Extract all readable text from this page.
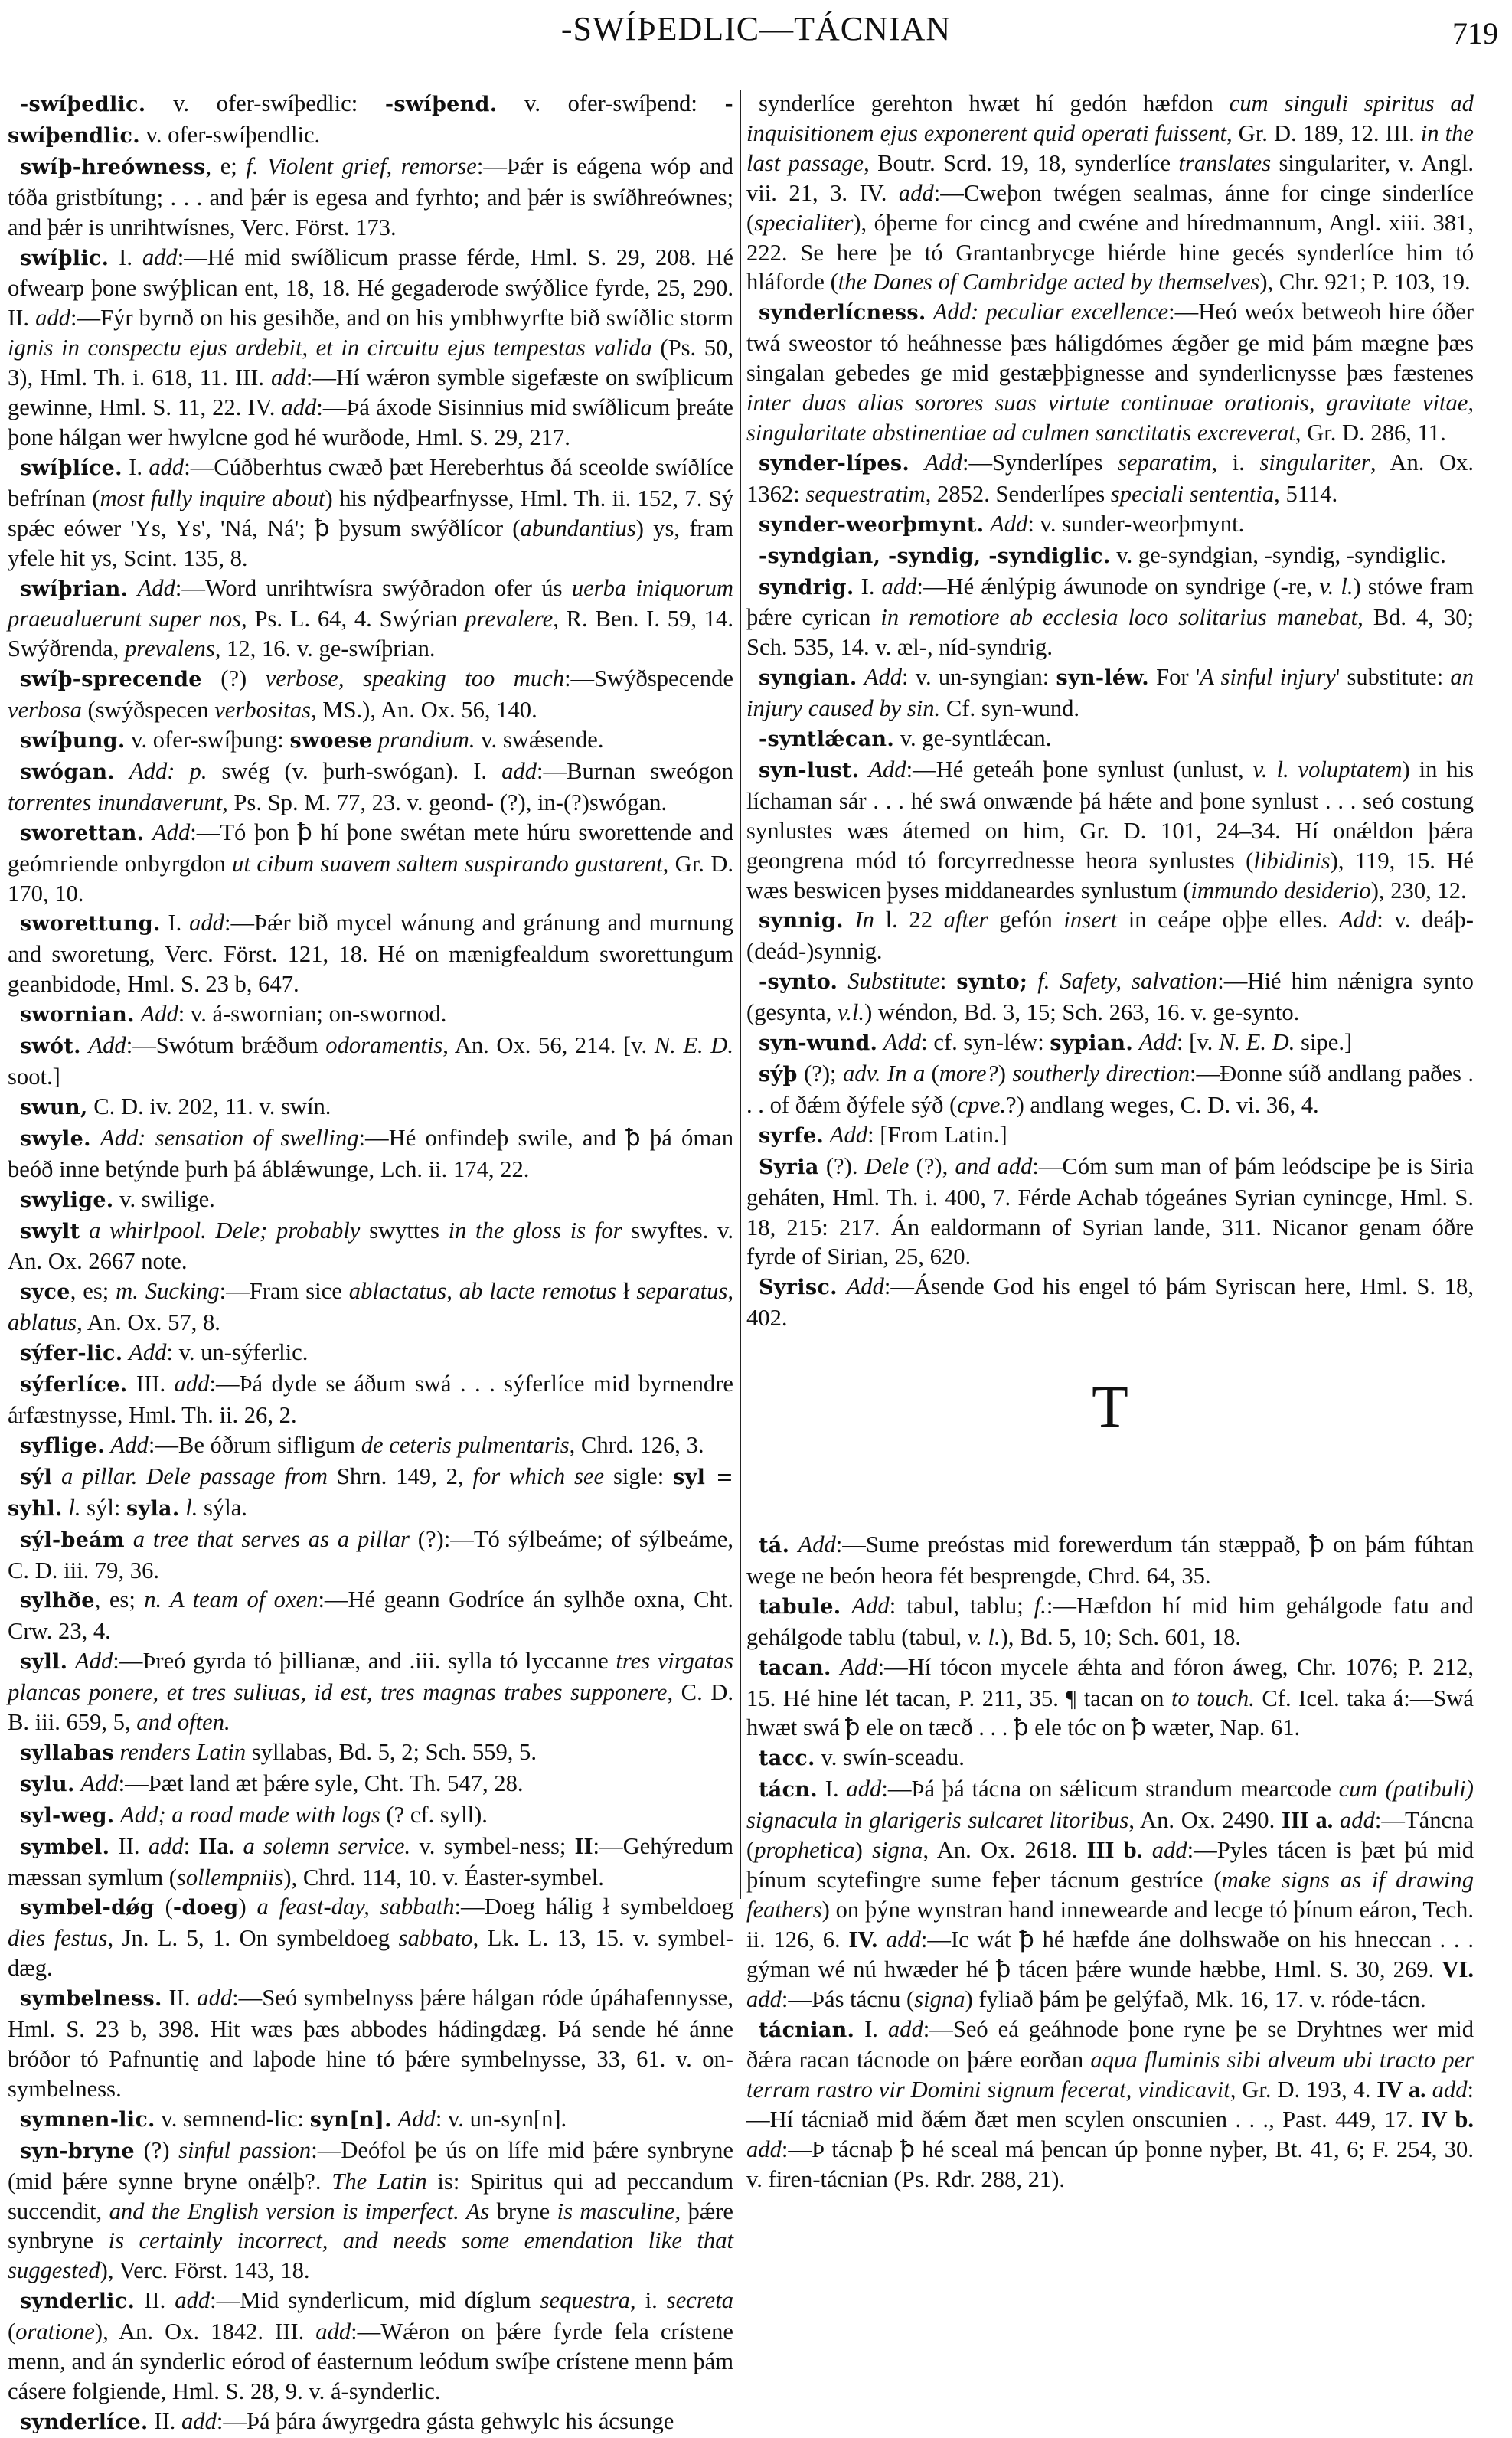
-SWÍÞEDLIC—TÁCNIAN	719

-swíþedlic. v. ofer-swíþedlic: -swíþend. v. ofer-swíþend: -swíþendlic. v. ofer-swíþendlic.

swíþ-hreówness, e; f. Violent grief, remorse:—Þǽr is eágena wóp and tóða gristbítung; . . . and þǽr is egesa and fyrhto; and þǽr is swíðhreównes; and þǽr is unrihtwísnes, Verc. Först. 173.

swíþlic. I. add:—Hé mid swíðlicum prasse férde, Hml. S. 29, 208. Hé ofwearp þone swýþlican ent, 18, 18. Hé gegaderode swýðlice fyrde, 25, 290. II. add:—Fýr byrnð on his gesihðe, and on his ymbhwyrfte bið swíðlic storm ignis in conspectu ejus ardebit, et in circuitu ejus tempestas valida (Ps. 50, 3), Hml. Th. i. 618, 11. III. add:—Hí wǽron symble sigefæste on swíþlicum gewinne, Hml. S. 11, 22. IV. add:—Þá áxode Sisinnius mid swíðlicum þreáte þone hálgan wer hwylcne god hé wurðode, Hml. S. 29, 217.

swíþlíce. I. add:—Cúðberhtus cwæð þæt Hereberhtus ðá sceolde swíðlíce befrínan (most fully inquire about) his nýdþearfnysse, Hml. Th. ii. 152, 7. Sý spǽc eówer 'Ys, Ys', 'Ná, Ná'; ꝥ þysum swýðlícor (abundantius) ys, fram yfele hit ys, Scint. 135, 8.

swíþrian. Add:—Word unrihtwísra swýðradon ofer ús uerba iniquorum praeualuerunt super nos, Ps. L. 64, 4. Swýrian prevalere, R. Ben. I. 59, 14. Swýðrenda, prevalens, 12, 16. v. ge-swíþrian.

swíþ-sprecende (?) verbose, speaking too much:—Swýðspecende verbosa (swýðspecen verbositas, MS.), An. Ox. 56, 140.

swíþung. v. ofer-swíþung: swoese prandium. v. swǽsende.

swógan. Add: p. swég (v. þurh-swógan). I. add:—Burnan sweógon torrentes inundaverunt, Ps. Sp. M. 77, 23. v. geond- (?), in-(?)swógan.

sworettan. Add:—Tó þon ꝥ hí þone swétan mete húru sworettende and geómriende onbyrgdon ut cibum suavem saltem suspirando gustarent, Gr. D. 170, 10.

sworettung. I. add:—Þǽr bið mycel wánung and gránung and murnung and sworetung, Verc. Först. 121, 18. Hé on mænigfealdum sworettungum geanbidode, Hml. S. 23 b, 647.

swornian. Add: v. á-swornian; on-swornod.

swót. Add:—Swótum brǽðum odoramentis, An. Ox. 56, 214. [v. N. E. D. soot.]

swun, C. D. iv. 202, 11. v. swín.

swyle. Add: sensation of swelling:—Hé onfindeþ swile, and ꝥ þá óman beóð inne betýnde þurh þá áblǽwunge, Lch. ii. 174, 22.

swylige. v. swilige.

swylt a whirlpool. Dele; probably swyttes in the gloss is for swyftes. v. An. Ox. 2667 note.

syce, es; m. Sucking:—Fram sice ablactatus, ab lacte remotus ł separatus, ablatus, An. Ox. 57, 8.

sýfer-lic. Add: v. un-sýferlic.

sýferlíce. III. add:—Þá dyde se áðum swá . . . sýferlíce mid byrnendre árfæstnysse, Hml. Th. ii. 26, 2.

syflige. Add:—Be óðrum sifligum de ceteris pulmentaris, Chrd. 126, 3.

sýl a pillar. Dele passage from Shrn. 149, 2, for which see sigle: syl = syhl. l. sýl: syla. l. sýla.

sýl-beám a tree that serves as a pillar (?):—Tó sýlbeáme; of sýlbeáme, C. D. iii. 79, 36.

sylhðe, es; n. A team of oxen:—Hé geann Godríce án sylhðe oxna, Cht. Crw. 23, 4.

syll. Add:—Þreó gyrda tó þillianæ, and .iii. sylla tó lyccanne tres virgatas plancas ponere, et tres suliuas, id est, tres magnas trabes supponere, C. D. B. iii. 659, 5, and often.

syllabas renders Latin syllabas, Bd. 5, 2; Sch. 559, 5.

sylu. Add:—Þæt land æt þǽre syle, Cht. Th. 547, 28.

syl-weg. Add; a road made with logs (? cf. syll).

symbel. II. add: IIa. a solemn service. v. symbel-ness; II:—Gehýredum mæssan symlum (sollempniis), Chrd. 114, 10. v. Éaster-symbel.

symbel-dǿg (-doeg) a feast-day, sabbath:—Doeg hálig ł symbeldoeg dies festus, Jn. L. 5, 1. On symbeldoeg sabbato, Lk. L. 13, 15. v. symbel-dæg.

symbelness. II. add:—Seó symbelnyss þǽre hálgan róde úpáhafennysse, Hml. S. 23 b, 398. Hit wæs þæs abbodes hádingdæg. Þá sende hé ánne bróðor tó Pafnuntię and laþode hine tó þǽre symbelnysse, 33, 61. v. on-symbelness.

symnen-lic. v. semnend-lic: syn[n]. Add: v. un-syn[n].

syn-bryne (?) sinful passion:—Deófol þe ús on lífe mid þǽre synbryne (mid þǽre synne bryne onǽlþ?. The Latin is: Spiritus qui ad peccandum succendit, and the English version is imperfect. As bryne is masculine, þǽre synbryne is certainly incorrect, and needs some emendation like that suggested), Verc. Först. 143, 18.

synderlic. II. add:—Mid synderlicum, mid díglum sequestra, i. secreta (oratione), An. Ox. 1842. III. add:—Wǽron on þǽre fyrde fela crístene menn, and án synderlic eórod of éasternum leódum swíþe crístene menn þám cásere folgiende, Hml. S. 28, 9. v. á-synderlic.

synderlíce. II. add:—Þá þára áwyrgedra gásta gehwylc his ácsunge

synderlíce gerehton hwæt hí gedón hæfdon cum singuli spiritus ad inquisitionem ejus exponerent quid operati fuissent, Gr. D. 189, 12. III. in the last passage, Boutr. Scrd. 19, 18, synderlíce translates singulariter, v. Angl. vii. 21, 3. IV. add:—Cweþon twégen sealmas, ánne for cinge sinderlíce (specialiter), óþerne for cincg and cwéne and híredmannum, Angl. xiii. 381, 222. Se here þe tó Grantanbrycge hiérde hine gecés synderlíce him tó hláforde (the Danes of Cambridge acted by themselves), Chr. 921; P. 103, 19.

synderlícness. Add: peculiar excellence:—Heó weóx betweoh hire óðer twá sweostor tó heáhnesse þæs háligdómes ǽgðer ge mid þám mægne þæs singalan gebedes ge mid gestæþþignesse and synderlicnysse þæs fæstenes inter duas alias sorores suas virtute continuae orationis, gravitate vitae, singularitate abstinentiae ad culmen sanctitatis excreverat, Gr. D. 286, 11.

synder-lípes. Add:—Synderlípes separatim, i. singulariter, An. Ox. 1362: sequestratim, 2852. Senderlípes speciali sententia, 5114.

synder-weorþmynt. Add: v. sunder-weorþmynt.

-syndgian, -syndig, -syndiglic. v. ge-syndgian, -syndig, -syndiglic.

syndrig. I. add:—Hé ǽnlýpig áwunode on syndrige (-re, v. l.) stówe fram þǽre cyrican in remotiore ab ecclesia loco solitarius manebat, Bd. 4, 30; Sch. 535, 14. v. æl-, níd-syndrig.

syngian. Add: v. un-syngian: syn-léw. For 'A sinful injury' substitute: an injury caused by sin. Cf. syn-wund.

-syntlǽcan. v. ge-syntlǽcan.

syn-lust. Add:—Hé geteáh þone synlust (unlust, v. l. voluptatem) in his líchaman sár . . . hé swá onwænde þá hǽte and þone synlust . . . seó costung synlustes wæs átemed on him, Gr. D. 101, 24–34. Hí onǽldon þǽra geongrena mód tó forcyrrednesse heora synlustes (libidinis), 119, 15. Hé wæs beswicen þyses middaneardes synlustum (immundo desiderio), 230, 12.

synnig. In l. 22 after gefón insert in ceápe oþþe elles. Add: v. deáþ-(deád-)synnig.

-synto. Substitute: synto; f. Safety, salvation:—Hié him nǽnigra synto (gesynta, v.l.) wéndon, Bd. 3, 15; Sch. 263, 16. v. ge-synto.

syn-wund. Add: cf. syn-léw: sypian. Add: [v. N. E. D. sipe.]

sýþ (?); adv. In a (more?) southerly direction:—Ðonne súð andlang paðes . . . of ðǽm ðýfele sýð (cpve.?) andlang weges, C. D. vi. 36, 4.

syrfe. Add: [From Latin.]

Syria (?). Dele (?), and add:—Cóm sum man of þám leódscipe þe is Siria geháten, Hml. Th. i. 400, 7. Férde Achab tógeánes Syrian cynincge, Hml. S. 18, 215: 217. Án ealdormann of Syrian lande, 311. Nicanor genam óðre fyrde of Sirian, 25, 620.

Syrisc. Add:—Ásende God his engel tó þám Syriscan here, Hml. S. 18, 402.

T

tá. Add:—Sume preóstas mid forewerdum tán stæppað, ꝥ on þám fúhtan wege ne beón heora fét besprengde, Chrd. 64, 35.

tabule. Add: tabul, tablu; f.:—Hæfdon hí mid him gehálgode fatu and gehálgode tablu (tabul, v. l.), Bd. 5, 10; Sch. 601, 18.

tacan. Add:—Hí tócon mycele ǽhta and fóron áweg, Chr. 1076; P. 212, 15. Hé hine lét tacan, P. 211, 35. ¶ tacan on to touch. Cf. Icel. taka á:—Swá hwæt swá ꝥ ele on tæcð . . . ꝥ ele tóc on ꝥ wæter, Nap. 61.

tacc. v. swín-sceadu.

tácn. I. add:—Þá þá tácna on sǽlicum strandum mearcode cum (patibuli) signacula in glarigeris sulcaret litoribus, An. Ox. 2490. III a. add:—Táncna (prophetica) signa, An. Ox. 2618. III b. add:—Pyles tácen is þæt þú mid þínum scytefingre sume feþer tácnum gestríce (make signs as if drawing feathers) on þýne wynstran hand innewearde and lecge tó þínum eáron, Tech. ii. 126, 6. IV. add:—Ic wát ꝥ hé hæfde áne dolhswaðe on his hneccan . . . gýman wé nú hwæder hé ꝥ tácen þǽre wunde hæbbe, Hml. S. 30, 269. VI. add:—Þás tácnu (signa) fyliað þám þe gelýfað, Mk. 16, 17. v. róde-tácn.

tácnian. I. add:—Seó eá geáhnode þone ryne þe se Dryhtnes wer mid ðǽra racan tácnode on þǽre eorðan aqua fluminis sibi alveum ubi tracto per terram rastro vir Domini signum fecerat, vindicavit, Gr. D. 193, 4. IV a. add:—Hí tácniað mid ðǽm ðæt men scylen onscunien . . ., Past. 449, 17. IV b. add:—Þ tácnaþ ꝥ hé sceal má þencan úp þonne nyþer, Bt. 41, 6; F. 254, 30. v. firen-tácnian (Ps. Rdr. 288, 21).
